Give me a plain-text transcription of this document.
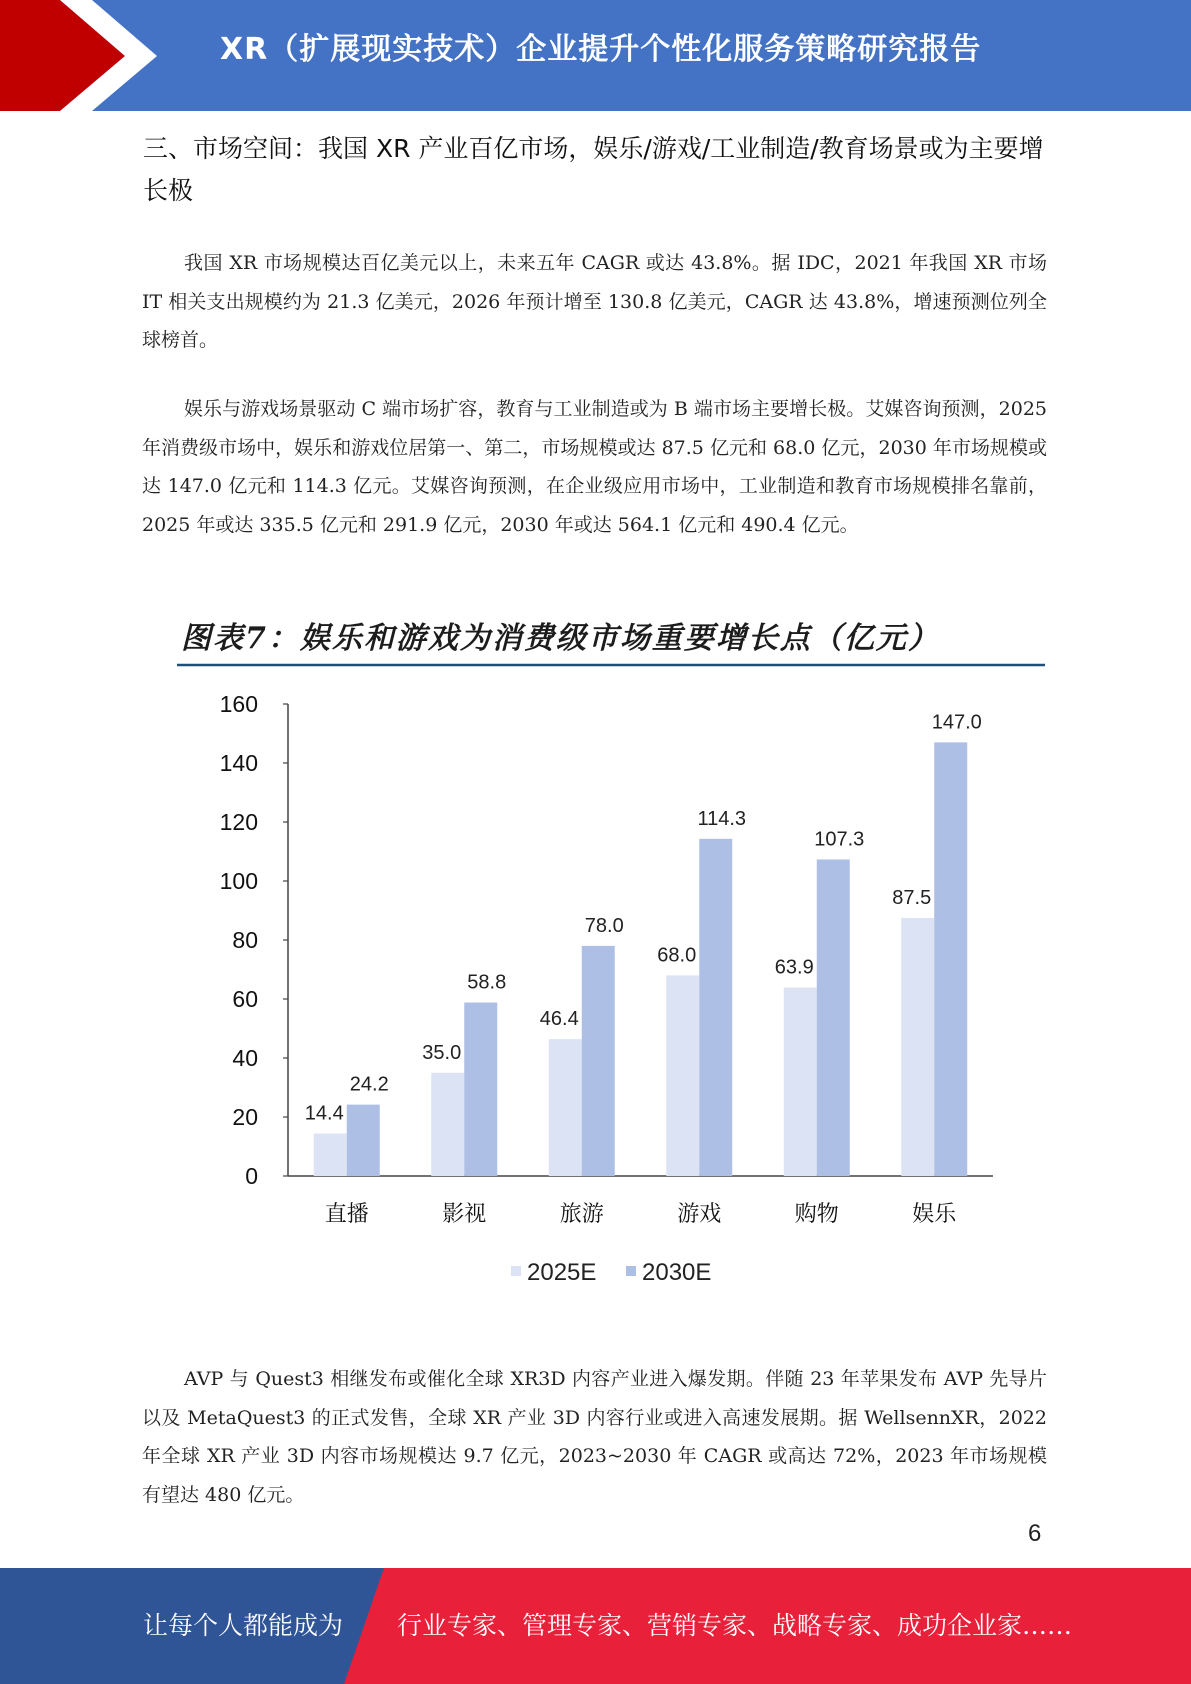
XR（扩展现实技术）企业提升个性化服务策略研究报告
三、市场空间：我国 XR 产业百亿市场，娱乐/游戏/工业制造/教育场景或为主要增长极

我国 XR 市场规模达百亿美元以上，未来五年 CAGR 或达 43.8%。据 IDC，2021 年我国 XR 市场 IT 相关支出规模约为 21.3 亿美元，2026 年预计增至 130.8 亿美元，CAGR 达 43.8%，增速预测位列全球榜首。

娱乐与游戏场景驱动 C 端市场扩容，教育与工业制造或为 B 端市场主要增长极。艾媒咨询预测，2025 年消费级市场中，娱乐和游戏位居第一、第二，市场规模或达 87.5 亿元和 68.0 亿元，2030 年市场规模或达 147.0 亿元和 114.3 亿元。艾媒咨询预测，在企业级应用市场中，工业制造和教育市场规模排名靠前，2025 年或达 335.5 亿元和 291.9 亿元，2030 年或达 564.1 亿元和 490.4 亿元。

图表7：娱乐和游戏为消费级市场重要增长点（亿元）
0
20
40
60
80
100
120
140
160
14.4
24.2
直播
35.0
58.8
影视
46.4
78.0
旅游
68.0
114.3
游戏
63.9
107.3
购物
87.5
147.0
娱乐
2025E 2030E

AVP 与 Quest3 相继发布或催化全球 XR3D 内容产业进入爆发期。伴随 23 年苹果发布 AVP 先导片以及 MetaQuest3 的正式发售，全球 XR 产业 3D 内容行业或进入高速发展期。据 WellsennXR，2022 年全球 XR 产业 3D 内容市场规模达 9.7 亿元，2023~2030 年 CAGR 或高达 72%，2023 年市场规模有望达 480 亿元。

6
让每个人都能成为 行业专家、管理专家、营销专家、战略专家、成功企业家……
